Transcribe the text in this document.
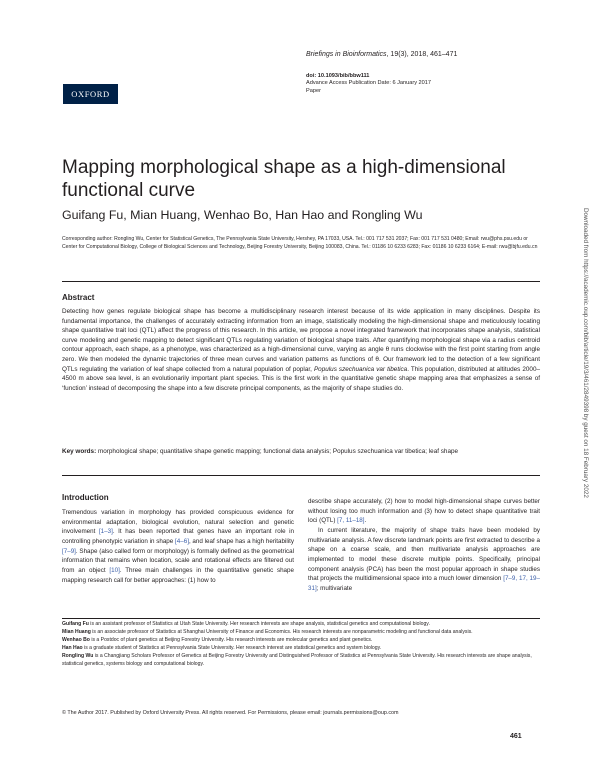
OXFORD
Briefings in Bioinformatics, 19(3), 2018, 461–471
doi: 10.1093/bib/bbw111
Advance Access Publication Date: 6 January 2017
Paper
Mapping morphological shape as a high-dimensional functional curve
Guifang Fu, Mian Huang, Wenhao Bo, Han Hao and Rongling Wu
Corresponding author: Rongling Wu, Center for Statistical Genetics, The Pennsylvania State University, Hershey, PA 17033, USA. Tel.: 001 717 531 2037; Fax: 001 717 531 0480; Email: rwu@phs.psu.edu or Center for Computational Biology, College of Biological Sciences and Technology, Beijing Forestry University, Beijing 100083, China. Tel.: 01186 10 6233 6283; Fax: 01186 10 6233 6164; E-mail: rwu@bjfu.edu.cn
Abstract
Detecting how genes regulate biological shape has become a multidisciplinary research interest because of its wide application in many disciplines. Despite its fundamental importance, the challenges of accurately extracting information from an image, statistically modeling the high-dimensional shape and meticulously locating shape quantitative trait loci (QTL) affect the progress of this research. In this article, we propose a novel integrated framework that incorporates shape analysis, statistical curve modeling and genetic mapping to detect significant QTLs regulating variation of biological shape traits. After quantifying morphological shape via a radius centroid contour approach, each shape, as a phenotype, was characterized as a high-dimensional curve, varying as angle θ runs clockwise with the first point starting from angle zero. We then modeled the dynamic trajectories of three mean curves and variation patterns as functions of θ. Our framework led to the detection of a few significant QTLs regulating the variation of leaf shape collected from a natural population of poplar, Populus szechuanica var tibetica. This population, distributed at altitudes 2000–4500 m above sea level, is an evolutionarily important plant species. This is the first work in the quantitative genetic shape mapping area that emphasizes a sense of ‘function’ instead of decomposing the shape into a few discrete principal components, as the majority of shape studies do.
Key words: morphological shape; quantitative shape genetic mapping; functional data analysis; Populus szechuanica var tibetica; leaf shape
Introduction
Tremendous variation in morphology has provided conspicuous evidence for environmental adaptation, biological evolution, natural selection and genetic involvement [1–3]. It has been reported that genes have an important role in controlling phenotypic variation in shape [4–6], and leaf shape has a high heritability [7–9]. Shape (also called form or morphology) is formally defined as the geometrical information that remains when location, scale and rotational effects are filtered out from an object [10]. Three main challenges in the quantitative genetic shape mapping research call for better approaches: (1) how to
describe shape accurately, (2) how to model high-dimensional shape curves better without losing too much information and (3) how to detect shape quantitative trait loci (QTL) [7, 11–18].
In current literature, the majority of shape traits have been modeled by multivariate analysis. A few discrete landmark points are first extracted to describe a shape on a coarse scale, and then multivariate analysis approaches are implemented to model these discrete multiple points. Specifically, principal component analysis (PCA) has been the most popular approach in shape studies that projects the multidimensional space into a much lower dimension [7–9, 17, 19–31]; multivariate

Guifang Fu is an assistant professor of Statistics at Utah State University. Her research interests are shape analysis, statistical genetics and computational biology.

Mian Huang is an associate professor of Statistics at Shanghai University of Finance and Economics. His research interests are nonparametric modeling and functional data analysis.

Wenhao Bo is a Postdoc of plant genetics at Beijing Forestry University. His research interests are molecular genetics and plant genetics.

Han Hao is a graduate student of Statistics at Pennsylvania State University. Her research interest are statistical genetics and system biology.

Rongling Wu is a Changjiang Scholars Professor of Genetics at Beijing Forestry University and Distinguished Professor of Statistics at Pennsylvania State University. His research interests are shape analysis, statistical genetics, systems biology and computational biology.

© The Author 2017. Published by Oxford University Press. All rights reserved. For Permissions, please email: journals.permissions@oup.com
461
Downloaded from https://academic.oup.com/bib/article/19/3/461/2849398 by guest on 18 February 2022
